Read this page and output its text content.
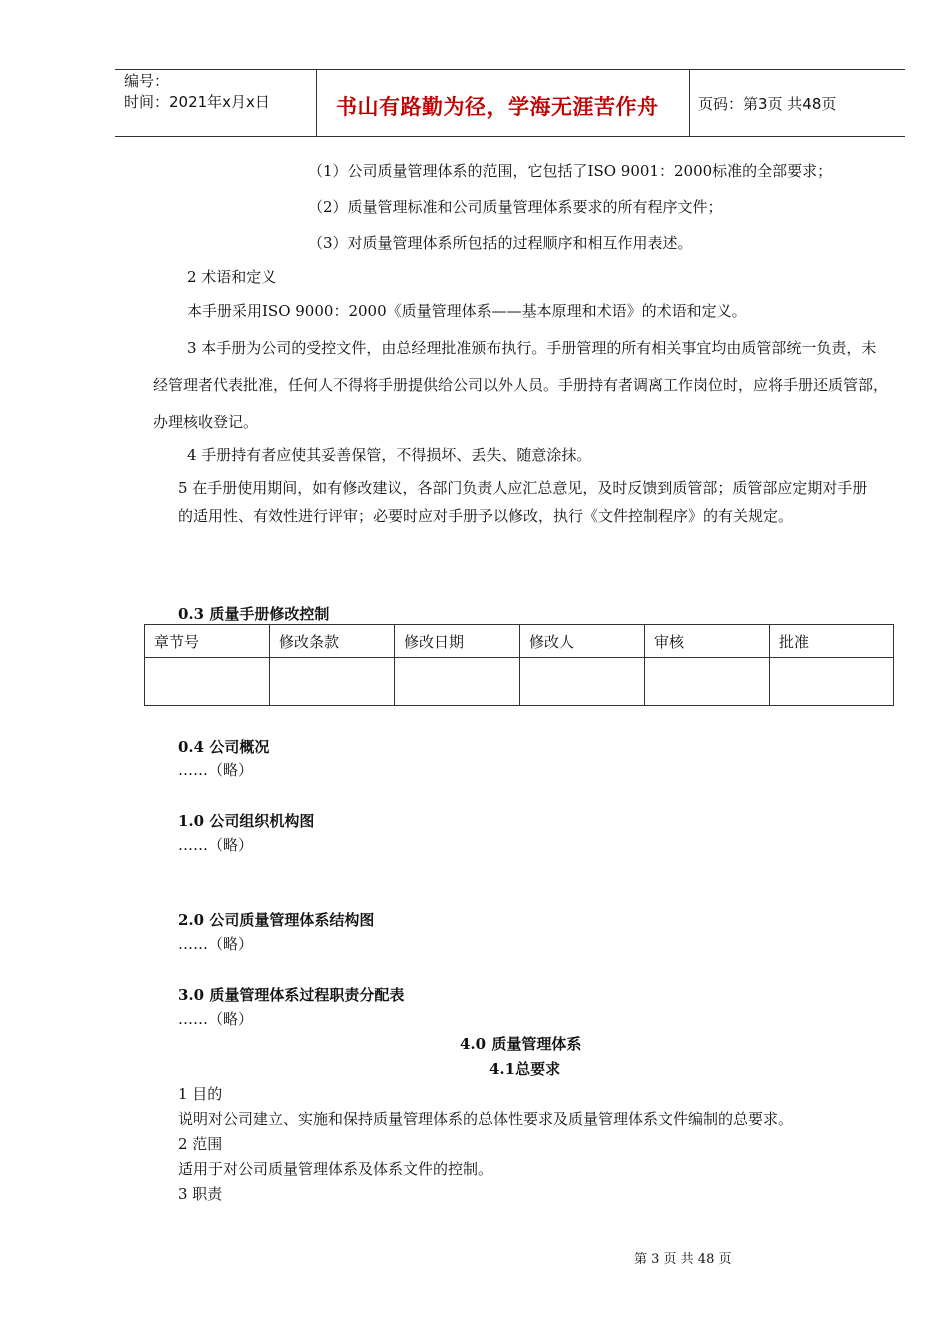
编号：
时间：2021年x月x日	书山有路勤为径，学海无涯苦作舟	页码：第3页 共48页
（1）公司质量管理体系的范围，它包括了ISO 9001：2000标准的全部要求；
（2）质量管理标准和公司质量管理体系要求的所有程序文件；
（3）对质量管理体系所包括的过程顺序和相互作用表述。
2 术语和定义
本手册采用ISO 9000：2000《质量管理体系——基本原理和术语》的术语和定义。
3 本手册为公司的受控文件，由总经理批准颁布执行。手册管理的所有相关事宜均由质管部统一负责，未经管理者代表批准，任何人不得将手册提供给公司以外人员。手册持有者调离工作岗位时，应将手册还质管部，办理核收登记。
4 手册持有者应使其妥善保管，不得损坏、丢失、随意涂抹。
5 在手册使用期间，如有修改建议，各部门负责人应汇总意见，及时反馈到质管部；质管部应定期对手册的适用性、有效性进行评审；必要时应对手册予以修改，执行《文件控制程序》的有关规定。
0.3 质量手册修改控制
章节号	修改条款	修改日期	修改人	审核	批准

0.4 公司概况
……（略）
1.0 公司组织机构图
……（略）
2.0 公司质量管理体系结构图
……（略）
3.0 质量管理体系过程职责分配表
……（略）
4.0 质量管理体系
4.1总要求
1 目的
说明对公司建立、实施和保持质量管理体系的总体性要求及质量管理体系文件编制的总要求。
2 范围
适用于对公司质量管理体系及体系文件的控制。
3 职责
第 3 页 共 48 页
